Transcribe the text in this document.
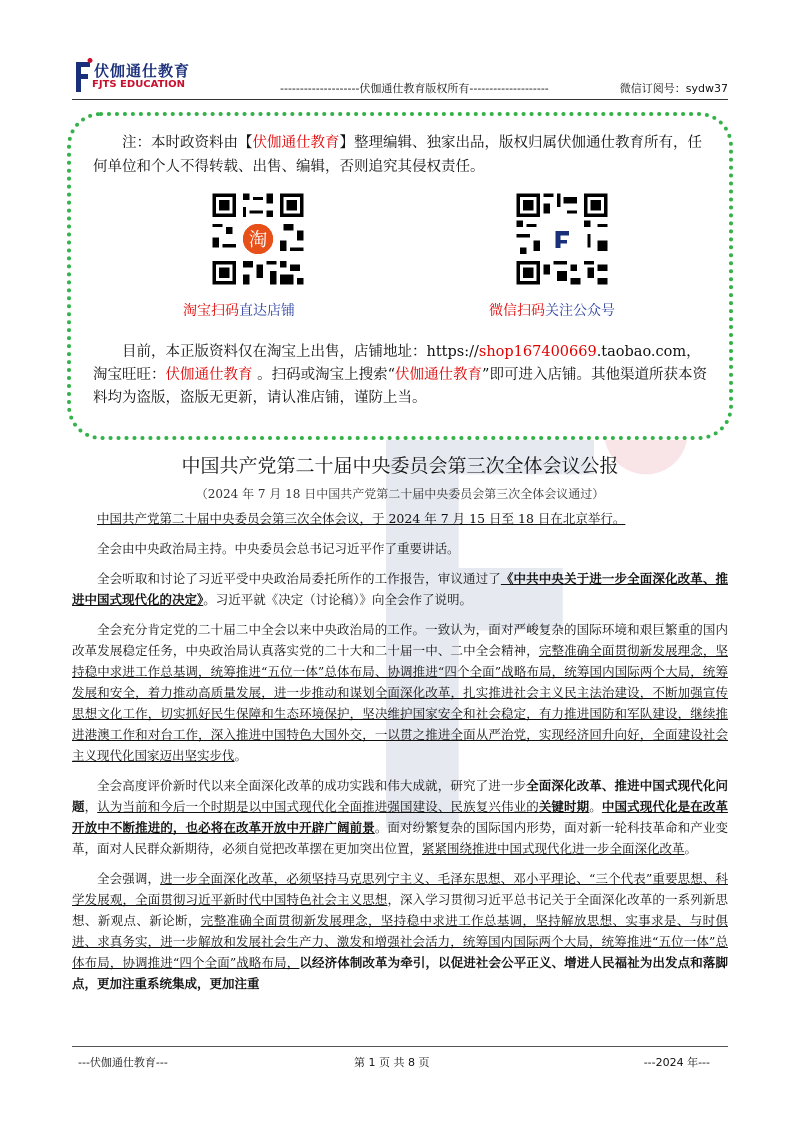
伏伽通仕教育
FJTS EDUCATION	--------------------伏伽通仕教育版权所有--------------------	微信订阅号：sydw37
注：本时政资料由【伏伽通仕教育】整理编辑、独家出品，版权归属伏伽通仕教育所有，任何单位和个人不得转载、出售、编辑，否则追究其侵权责任。
淘
淘宝扫码直达店铺	微信扫码关注公众号
目前，本正版资料仅在淘宝上出售，店铺地址：https://shop167400669.taobao.com，淘宝旺旺：伏伽通仕教育 。扫码或淘宝上搜索“伏伽通仕教育”即可进入店铺。其他渠道所获本资料均为盗版，盗版无更新，请认准店铺，谨防上当。
中国共产党第二十届中央委员会第三次全体会议公报
（2024 年 7 月 18 日中国共产党第二十届中央委员会第三次全体会议通过）

中国共产党第二十届中央委员会第三次全体会议，于 2024 年 7 月 15 日至 18 日在北京举行。

全会由中央政治局主持。中央委员会总书记习近平作了重要讲话。

全会听取和讨论了习近平受中央政治局委托所作的工作报告，审议通过了《中共中央关于进一步全面深化改革、推进中国式现代化的决定》。习近平就《决定（讨论稿）》向全会作了说明。

全会充分肯定党的二十届二中全会以来中央政治局的工作。一致认为，面对严峻复杂的国际环境和艰巨繁重的国内改革发展稳定任务，中央政治局认真落实党的二十大和二十届一中、二中全会精神，完整准确全面贯彻新发展理念，坚持稳中求进工作总基调，统筹推进“五位一体”总体布局、协调推进“四个全面”战略布局，统筹国内国际两个大局，统筹发展和安全，着力推动高质量发展，进一步推动和谋划全面深化改革，扎实推进社会主义民主法治建设，不断加强宣传思想文化工作，切实抓好民生保障和生态环境保护，坚决维护国家安全和社会稳定，有力推进国防和军队建设，继续推进港澳工作和对台工作，深入推进中国特色大国外交，一以贯之推进全面从严治党，实现经济回升向好，全面建设社会主义现代化国家迈出坚实步伐。

全会高度评价新时代以来全面深化改革的成功实践和伟大成就，研究了进一步全面深化改革、推进中国式现代化问题，认为当前和今后一个时期是以中国式现代化全面推进强国建设、民族复兴伟业的关键时期。中国式现代化是在改革开放中不断推进的，也必将在改革开放中开辟广阔前景。面对纷繁复杂的国际国内形势，面对新一轮科技革命和产业变革，面对人民群众新期待，必须自觉把改革摆在更加突出位置，紧紧围绕推进中国式现代化进一步全面深化改革。

全会强调，进一步全面深化改革，必须坚持马克思列宁主义、毛泽东思想、邓小平理论、“三个代表”重要思想、科学发展观，全面贯彻习近平新时代中国特色社会主义思想，深入学习贯彻习近平总书记关于全面深化改革的一系列新思想、新观点、新论断，完整准确全面贯彻新发展理念，坚持稳中求进工作总基调，坚持解放思想、实事求是、与时俱进、求真务实，进一步解放和发展社会生产力、激发和增强社会活力，统筹国内国际两个大局，统筹推进“五位一体”总体布局，协调推进“四个全面”战略布局，以经济体制改革为牵引，以促进社会公平正义、增进人民福祉为出发点和落脚点，更加注重系统集成，更加注重

---伏伽通仕教育---	第 1 页 共 8 页	---2024 年---
